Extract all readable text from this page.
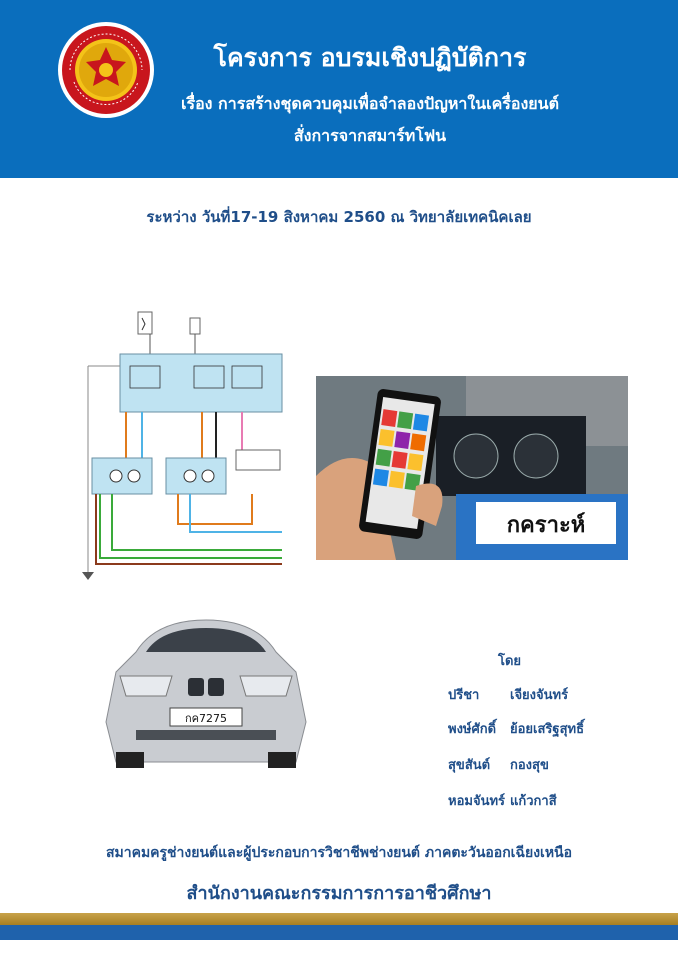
โครงการ อบรมเชิงปฏิบัติการ
เรื่อง การสร้างชุดควบคุมเพื่อจำลองปัญหาในเครื่องยนต์
สั่งการจากสมาร์ทโฟน
ระหว่าง วันที่17-19 สิงหาคม 2560 ณ วิทยาลัยเทคนิคเลย
กคราะห์
กค7275
โดย
ปรีชา เจียงจันทร์
พงษ์ศักดิ์ ย้อยเสริฐสุทธิ์
สุขสันต์ กองสุข
หอมจันทร์ แก้วกาสี
สมาคมครูช่างยนต์และผู้ประกอบการวิชาชีพช่างยนต์ ภาคตะวันออกเฉียงเหนือ
สำนักงานคณะกรรมการการอาชีวศึกษา
